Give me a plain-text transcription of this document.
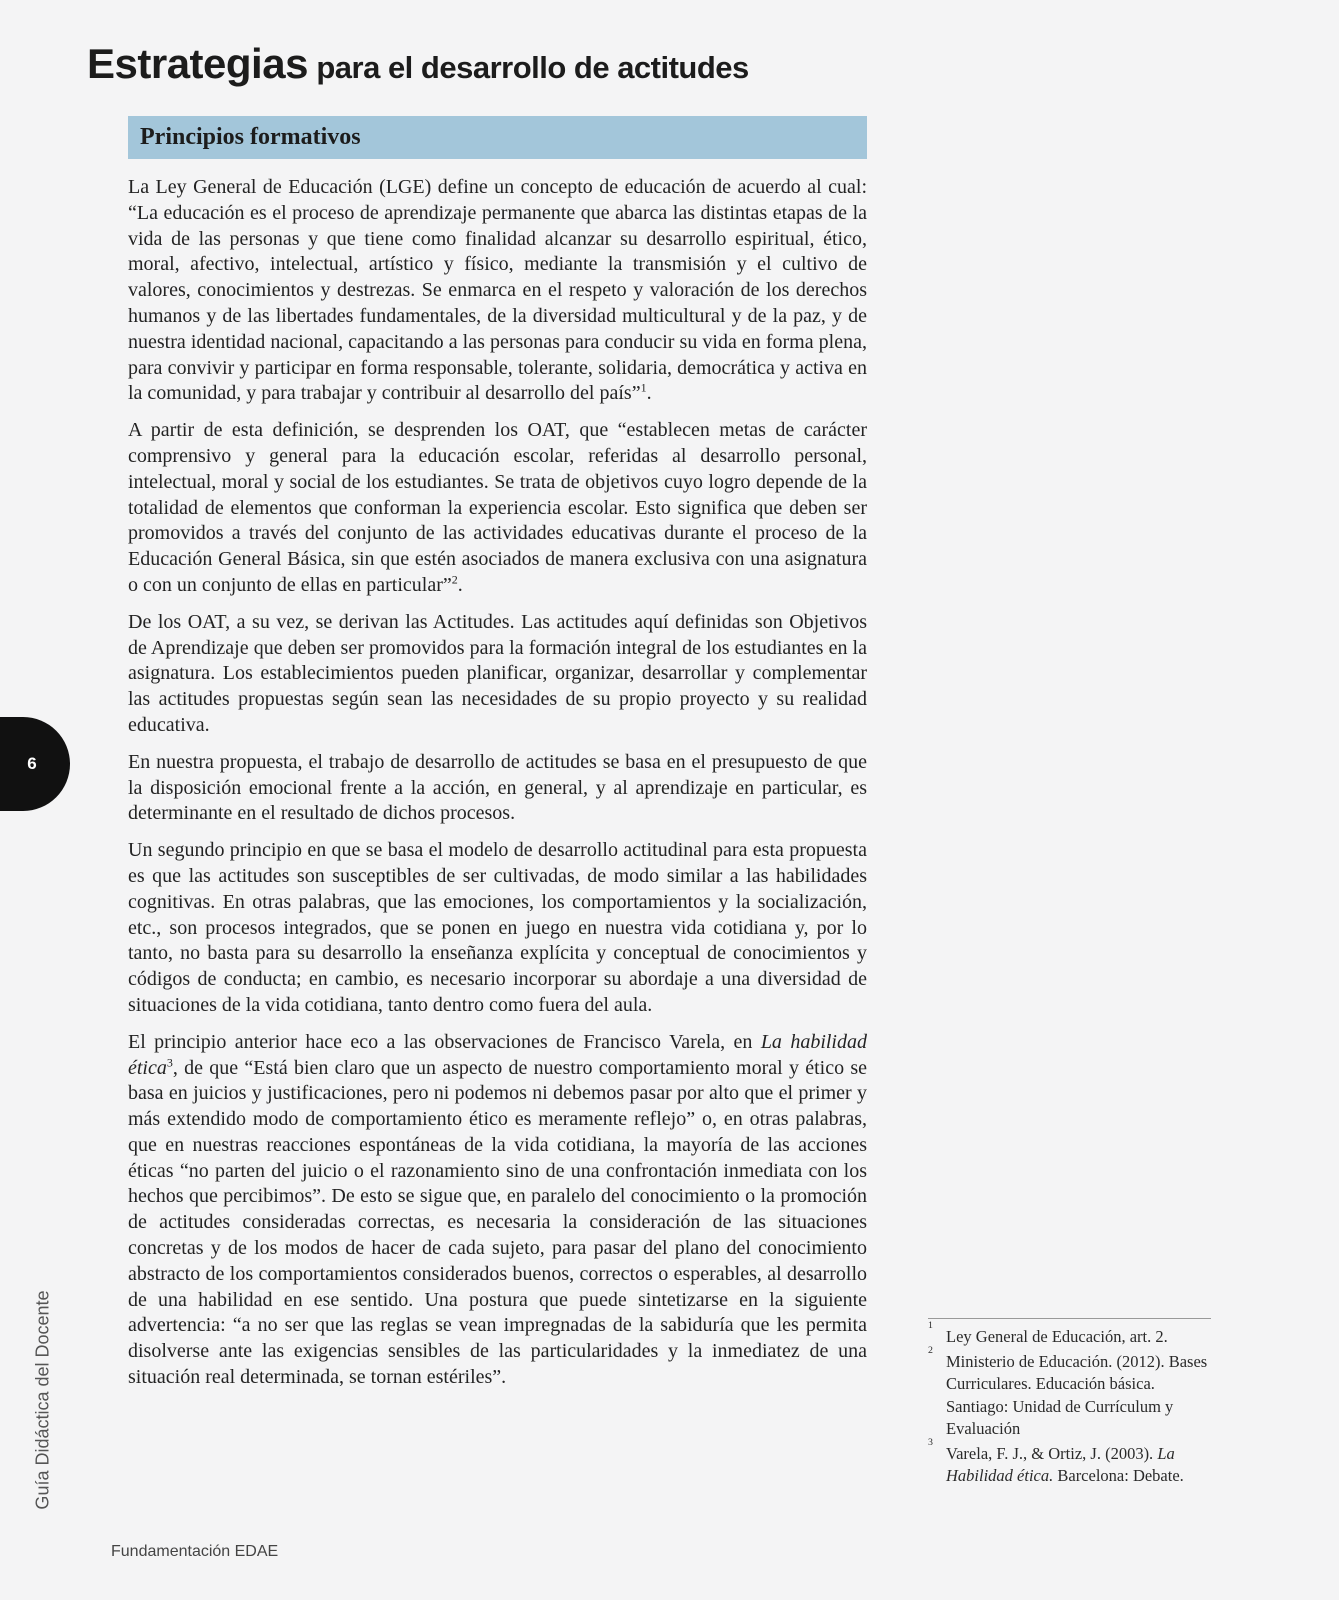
Estrategias para el desarrollo de actitudes
Principios formativos

La Ley General de Educación (LGE) define un concepto de educación de acuerdo al cual: “La educación es el proceso de aprendizaje permanente que abarca las distintas etapas de la vida de las personas y que tiene como finalidad alcanzar su desarrollo espiritual, ético, moral, afectivo, intelectual, artístico y físico, mediante la transmisión y el cultivo de valores, conocimientos y destrezas. Se enmarca en el respeto y valoración de los derechos humanos y de las libertades fundamentales, de la diversidad multicultural y de la paz, y de nuestra identidad nacional, capacitando a las personas para conducir su vida en forma plena, para convivir y participar en forma responsable, tolerante, solidaria, democrática y activa en la comunidad, y para trabajar y contribuir al desarrollo del país”$^1$.

A partir de esta definición, se desprenden los OAT, que “establecen metas de carácter comprensivo y general para la educación escolar, referidas al desarrollo personal, intelectual, moral y social de los estudiantes. Se trata de objetivos cuyo logro depende de la totalidad de elementos que conforman la experiencia escolar. Esto significa que deben ser promovidos a través del conjunto de las actividades educativas durante el proceso de la Educación General Básica, sin que estén asociados de manera exclusiva con una asignatura o con un conjunto de ellas en particular”$^2$.

De los OAT, a su vez, se derivan las Actitudes. Las actitudes aquí definidas son Objetivos de Aprendizaje que deben ser promovidos para la formación integral de los estudiantes en la asignatura. Los establecimientos pueden planificar, organizar, desarrollar y complementar las actitudes propuestas según sean las necesidades de su propio proyecto y su realidad educativa.

En nuestra propuesta, el trabajo de desarrollo de actitudes se basa en el presupuesto de que la disposición emocional frente a la acción, en general, y al aprendizaje en particular, es determinante en el resultado de dichos procesos.

Un segundo principio en que se basa el modelo de desarrollo actitudinal para esta propuesta es que las actitudes son susceptibles de ser cultivadas, de modo similar a las habilidades cognitivas. En otras palabras, que las emociones, los comportamientos y la socialización, etc., son procesos integrados, que se ponen en juego en nuestra vida cotidiana y, por lo tanto, no basta para su desarrollo la enseñanza explícita y conceptual de conocimientos y códigos de conducta; en cambio, es necesario incorporar su abordaje a una diversidad de situaciones de la vida cotidiana, tanto dentro como fuera del aula.

El principio anterior hace eco a las observaciones de Francisco Varela, en La habilidad ética$^3$, de que “Está bien claro que un aspecto de nuestro comportamiento moral y ético se basa en juicios y justificaciones, pero ni podemos ni debemos pasar por alto que el primer y más extendido modo de comportamiento ético es meramente reflejo” o, en otras palabras, que en nuestras reacciones espontáneas de la vida cotidiana, la mayoría de las acciones éticas “no parten del juicio o el razonamiento sino de una confrontación inmediata con los hechos que percibimos”. De esto se sigue que, en paralelo del conocimiento o la promoción de actitudes consideradas correctas, es necesaria la consideración de las situaciones concretas y de los modos de hacer de cada sujeto, para pasar del plano del conocimiento abstracto de los comportamientos considerados buenos, correctos o esperables, al desarrollo de una habilidad en ese sentido. Una postura que puede sintetizarse en la siguiente advertencia: “a no ser que las reglas se vean impregnadas de la sabiduría que les permita disolverse ante las exigencias sensibles de las particularidades y la inmediatez de una situación real determinada, se tornan estériles”.

6
Guía Didáctica del Docente	1
Ley General de Educación, art. 2.
2
Ministerio de Educación. (2012). Bases Curriculares. Educación básica. Santiago: Unidad de Currículum y Evaluación
3
Varela, F. J., & Ortiz, J. (2003). La Habilidad ética. Barcelona: Debate.
Fundamentación EDAE
